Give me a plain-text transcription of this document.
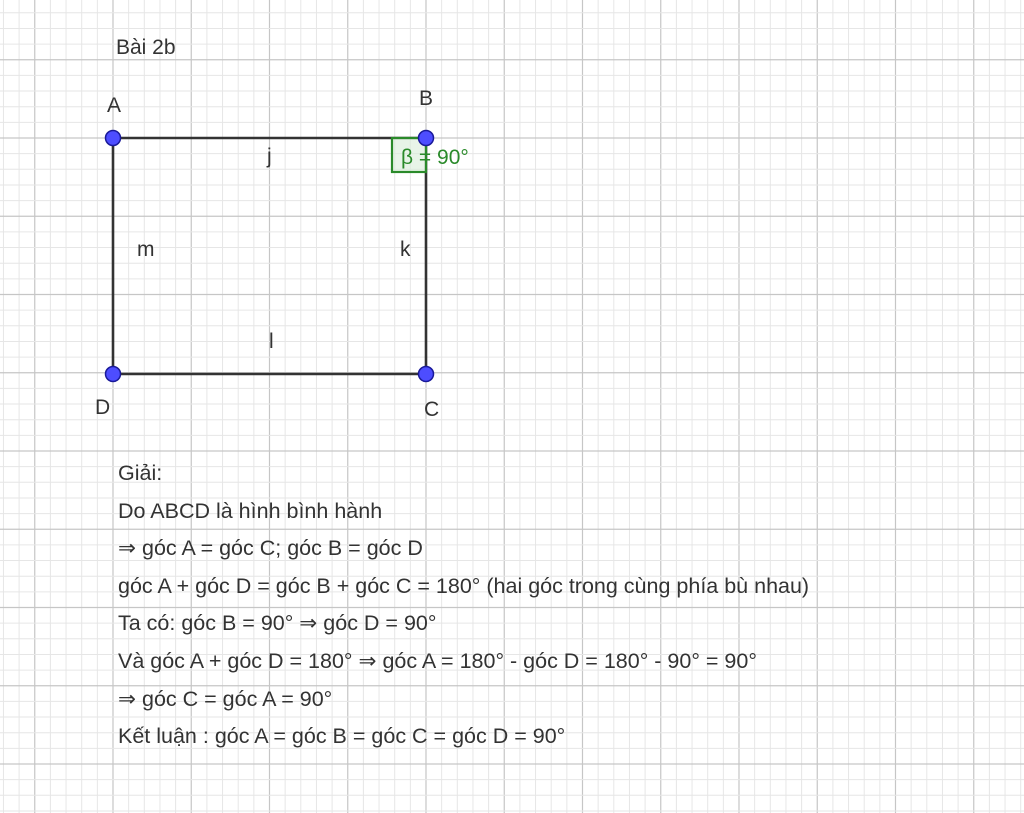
Bài 2b
A	B
C
D
j
k
l
m
β = 90°
Giải:
Do ABCD là hình bình hành
⇒ góc A = góc C; góc B = góc D
góc A + góc D = góc B + góc C = 180° (hai góc trong cùng phía bù nhau)
Ta có: góc B = 90° ⇒ góc D = 90°
Và góc A + góc D = 180° ⇒ góc A = 180° - góc D = 180° - 90° = 90°
⇒ góc C = góc A = 90°
Kết luận : góc A = góc B = góc C = góc D = 90°
